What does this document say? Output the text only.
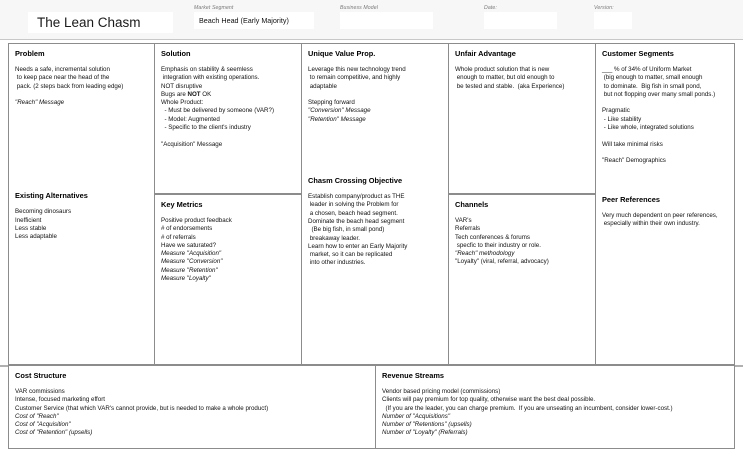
The Lean Chasm
Market Segment
Beach Head (Early Majority)
Business Model	Date:	Version:
Problem
Needs a safe, incremental solution
to keep pace near the head of the
pack. (2 steps back from leading edge)

"Reach" Message
Existing Alternatives
Becoming dinosaurs
Inefficient
Less stable
Less adaptable
Solution
Emphasis on stability & seemless
integration with existing operations.
NOT disruptive
Bugs are NOT OK
Whole Product:
- Must be delivered by someone (VAR?)
- Model: Augmented
- Specific to the client's industry

"Acquisition" Message
Key Metrics
Positive product feedback
# of endorsements
# of referrals
Have we saturated?
Measure "Acquisition"
Measure "Conversion"
Measure "Retention"
Measure "Loyalty"
Unique Value Prop.
Leverage this new technology trend
to remain competitive, and highly
adaptable

Stepping forward
"Conversion" Message
"Retention" Message
Chasm Crossing Objective
Establish company/product as THE
leader in solving the Problem for
a chosen, beach head segment.
Dominate the beach head segment
(Be big fish, in small pond)
breakaway leader.
Learn how to enter an Early Majority
market, so it can be replicated
into other industries.
Unfair Advantage
Whole product solution that is new
enough to matter, but old enough to
be tested and stable.  (aka Experience)
Channels
VAR's
Referrals
Tech conferences & forums
specfic to their industry or role.
"Reach" methodology
"Loyalty" (viral, referral, advocacy)
Customer Segments
___ % of 34% of Uniform Market
(big enough to matter, small enough
to dominate.  Big fish in small pond,
but not flopping over many small ponds.)

Pragmatic
- Like stability
- Like whole, integrated solutions

Will take minimal risks

"Reach" Demographics
Peer References
Very much dependent on peer references,
especially within their own industry.
Cost Structure
VAR commissions
Intense, focused marketing effort
Customer Service (that which VAR's cannot provide, but is needed to make a whole product)
Cost of "Reach"
Cost of "Acquisition"
Cost of "Retention" (upsells)
Revenue Streams
Vendor based pricing model (commissions)
Clients will pay premium for top quality, otherwise want the best deal possible.
(If you are the leader, you can charge premium.  If you are unseating an incumbent, consider lower-cost.)
Number of "Acquisitions"
Number of "Retentions" (upsells)
Number of "Loyalty" (Referrals)
